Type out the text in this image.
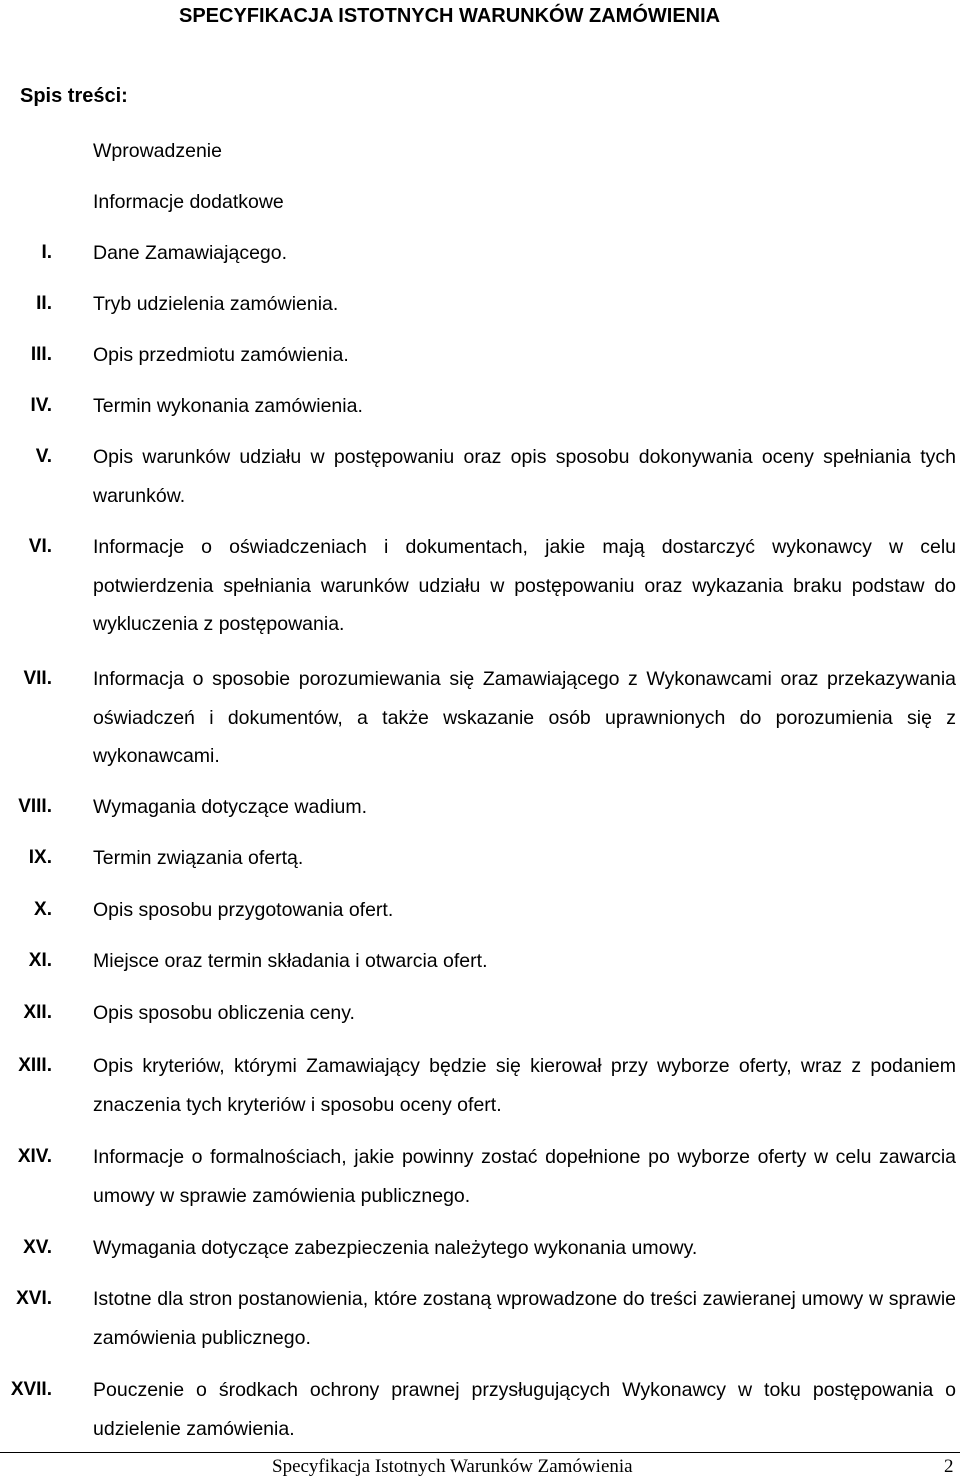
SPECYFIKACJA ISTOTNYCH WARUNKÓW ZAMÓWIENIA
Spis treści:
Wprowadzenie
Informacje dodatkowe
I. Dane Zamawiającego.
II. Tryb udzielenia zamówienia.
III. Opis przedmiotu zamówienia.
IV. Termin wykonania zamówienia.
V. Opis warunków udziału w postępowaniu oraz opis sposobu dokonywania oceny spełniania tych warunków.
VI. Informacje o oświadczeniach i dokumentach, jakie mają dostarczyć wykonawcy w celu potwierdzenia spełniania warunków udziału w postępowaniu oraz wykazania braku podstaw do wykluczenia z postępowania.
VII. Informacja o sposobie porozumiewania się Zamawiającego z Wykonawcami oraz przekazywania oświadczeń i dokumentów, a także wskazanie osób uprawnionych do porozumienia się z wykonawcami.
VIII. Wymagania dotyczące wadium.
IX. Termin związania ofertą.
X. Opis sposobu przygotowania ofert.
XI. Miejsce oraz termin składania i otwarcia ofert.
XII. Opis sposobu obliczenia ceny.
XIII. Opis kryteriów, którymi Zamawiający będzie się kierował przy wyborze oferty, wraz z podaniem znaczenia tych kryteriów i sposobu oceny ofert.
XIV. Informacje o formalnościach, jakie powinny zostać dopełnione po wyborze oferty w celu zawarcia umowy w sprawie zamówienia publicznego.
XV. Wymagania dotyczące zabezpieczenia należytego wykonania umowy.
XVI. Istotne dla stron postanowienia, które zostaną wprowadzone do treści zawieranej umowy w sprawie zamówienia publicznego.
XVII. Pouczenie o środkach ochrony prawnej przysługujących Wykonawcy w toku postępowania o udzielenie zamówienia.
Specyfikacja Istotnych Warunków Zamówienia	2
